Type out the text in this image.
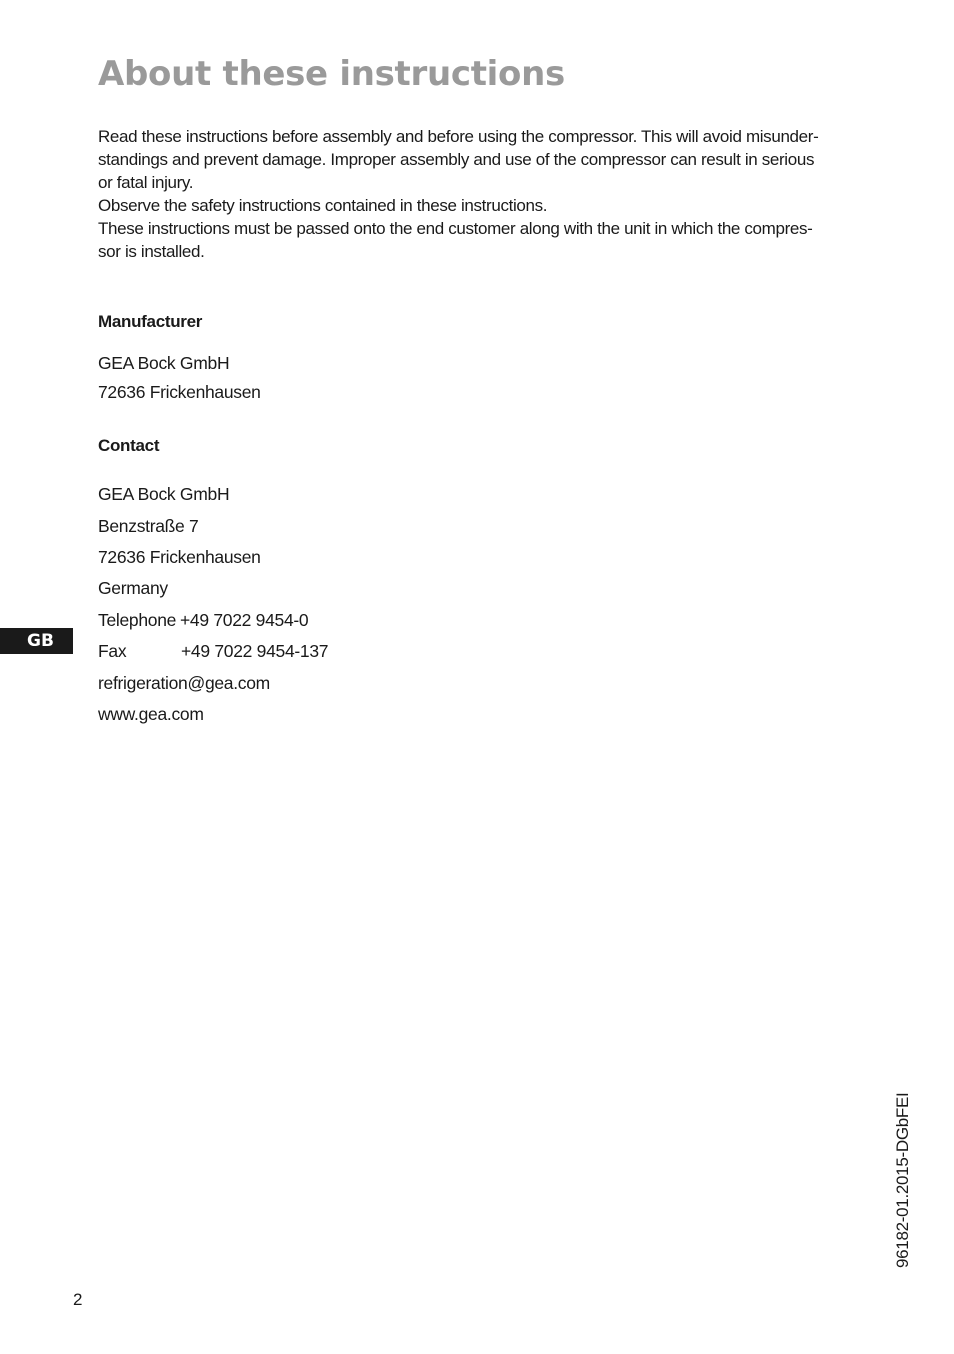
About these instructions

Read these instructions before assembly and before using the compressor. This will avoid misunder-

standings and prevent damage. Improper assembly and use of the compressor can result in serious

or fatal injury.

Observe the safety instructions contained in these instructions.

These instructions must be passed onto the end customer along with the unit in which the compres-

sor is installed.

Manufacturer
GEA Bock GmbH
72636 Frickenhausen
Contact
GEA Bock GmbH
Benzstraße 7
72636 Frickenhausen
Germany
Telephone +49 7022 9454-0
Fax	+49 7022 9454-137
refrigeration@gea.com
www.gea.com
GB
96182-01.2015-DGbFEI
2
